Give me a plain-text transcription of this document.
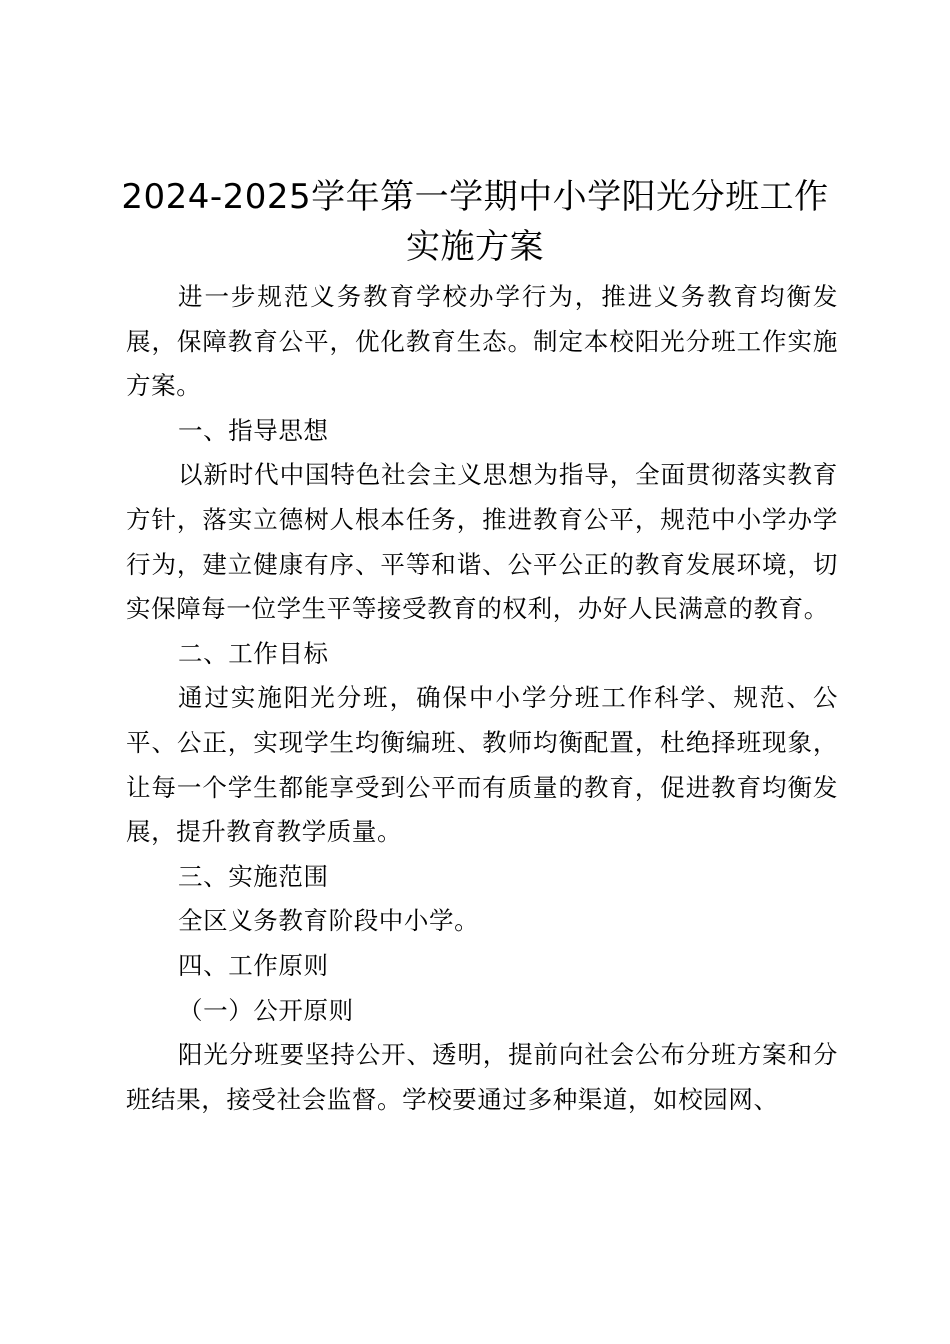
2024-2025学年第一学期中小学阳光分班工作实施方案

进一步规范义务教育学校办学行为，推进义务教育均衡发展，保障教育公平，优化教育生态。制定本校阳光分班工作实施方案。

一、指导思想

以新时代中国特色社会主义思想为指导，全面贯彻落实教育方针，落实立德树人根本任务，推进教育公平，规范中小学办学行为，建立健康有序、平等和谐、公平公正的教育发展环境，切实保障每一位学生平等接受教育的权利，办好人民满意的教育。

二、工作目标

通过实施阳光分班，确保中小学分班工作科学、规范、公平、公正，实现学生均衡编班、教师均衡配置，杜绝择班现象，让每一个学生都能享受到公平而有质量的教育，促进教育均衡发展，提升教育教学质量。

三、实施范围

全区义务教育阶段中小学。

四、工作原则

（一）公开原则

阳光分班要坚持公开、透明，提前向社会公布分班方案和分班结果，接受社会监督。学校要通过多种渠道，如校园网、
